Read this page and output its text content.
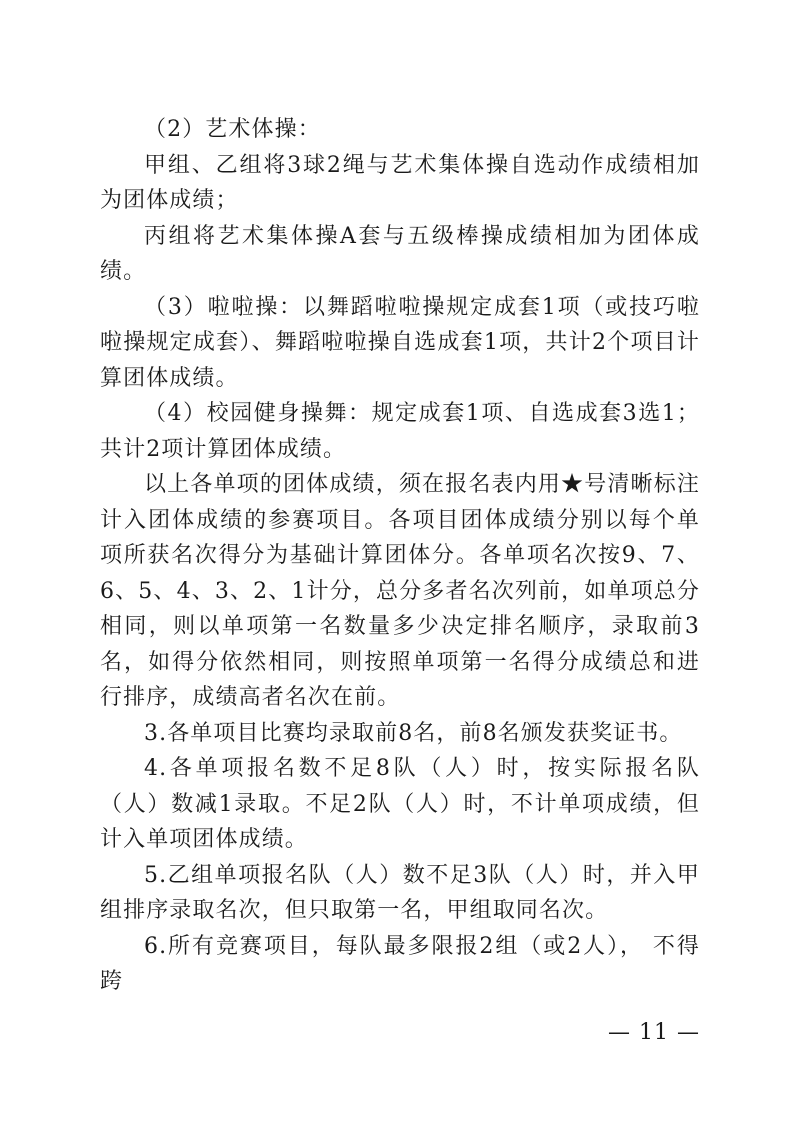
（2）艺术体操：

甲组、乙组将3球2绳与艺术集体操自选动作成绩相加为团体成绩；

丙组将艺术集体操A套与五级棒操成绩相加为团体成绩。

（3）啦啦操：以舞蹈啦啦操规定成套1项（或技巧啦啦操规定成套）、舞蹈啦啦操自选成套1项，共计2个项目计算团体成绩。

（4）校园健身操舞：规定成套1项、自选成套3选1；共计2项计算团体成绩。

以上各单项的团体成绩，须在报名表内用★号清晰标注计入团体成绩的参赛项目。各项目团体成绩分别以每个单项所获名次得分为基础计算团体分。各单项名次按9、7、6、5、4、3、2、1计分，总分多者名次列前，如单项总分相同，则以单项第一名数量多少决定排名顺序，录取前3名，如得分依然相同，则按照单项第一名得分成绩总和进行排序，成绩高者名次在前。

3.各单项目比赛均录取前8名，前8名颁发获奖证书。

4.各单项报名数不足8队（人）时，按实际报名队（人）数减1录取。不足2队（人）时，不计单项成绩，但计入单项团体成绩。

5.乙组单项报名队（人）数不足3队（人）时，并入甲组排序录取名次，但只取第一名，甲组取同名次。

6.所有竞赛项目，每队最多限报2组（或2人）， 不得跨

— 11 —
